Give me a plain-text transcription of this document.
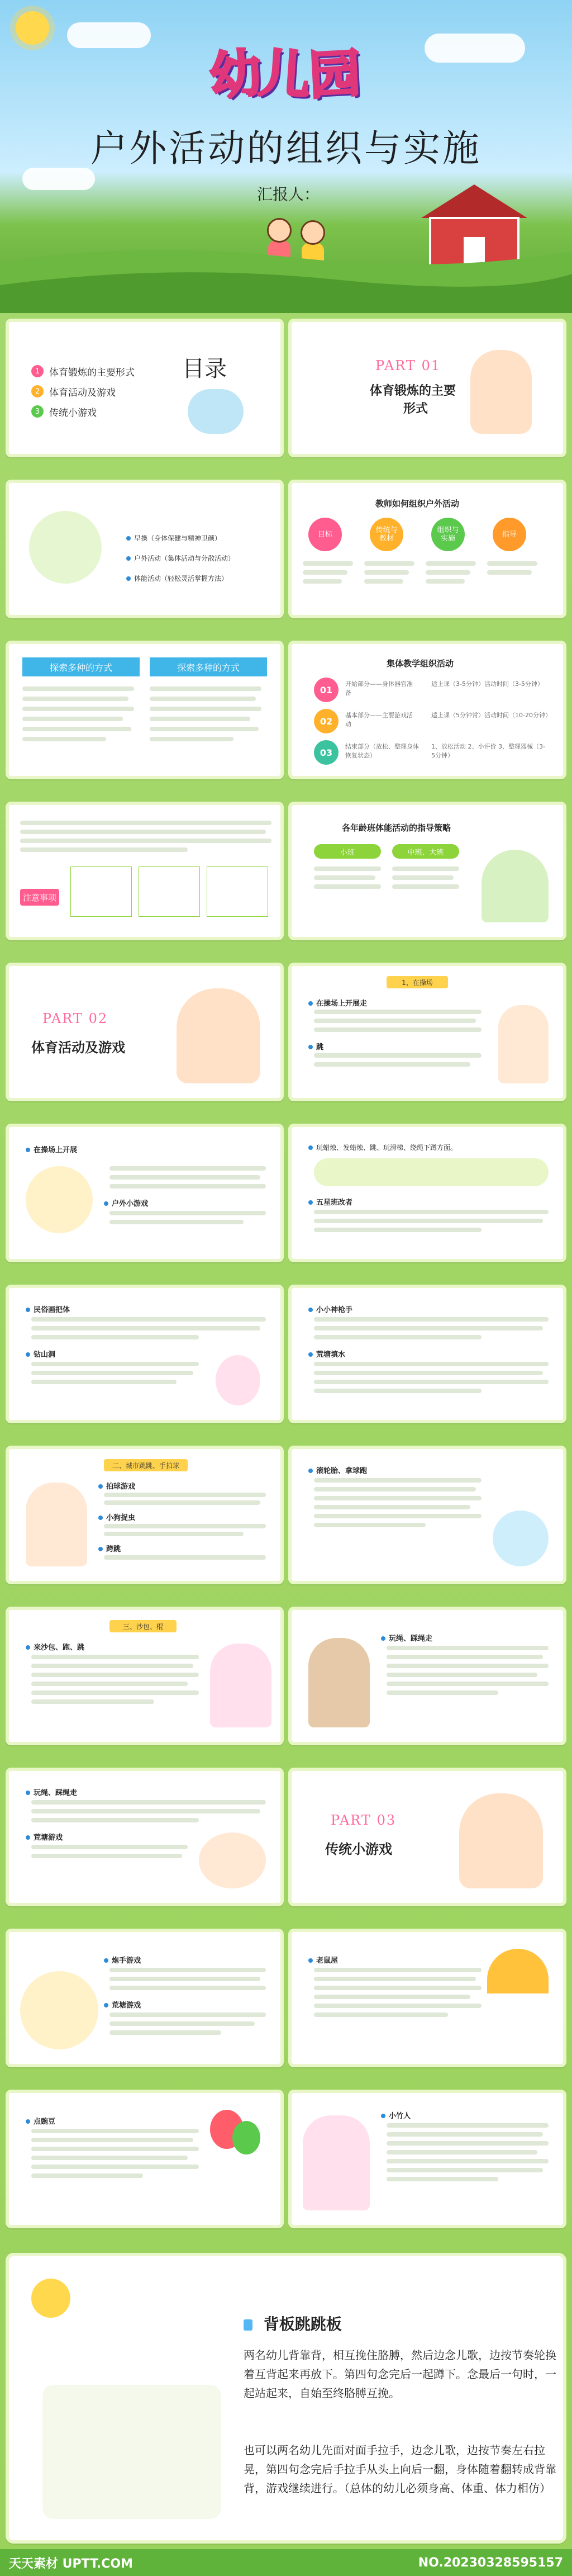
幼 儿 园
户外活动的组织与实施
汇报人：
目录
1 体育锻炼的主要形式
2 体育活动及游戏
3 传统小游戏
PART 01
体育锻炼的主要
形式
早操（身体保健与精神卫颜）
户外活动（集体活动与分散活动）
体能活动（轻松灵活掌握方法）
教师如何组织户外活动
目标	传统与
教材
组织与
实施	指导
探索多种的方式	探索多种的方式	集体教学组织活动
01
开始部分——身体器官准备
适上课（3-5分钟）活动时间（3-5分钟）
02
基本部分——主要游戏活动
适上课（5分钟常）活动时间（10-20分钟）
03
结束部分（放松、整理身体恢复状态）
1、放松活动 2、小评价 3、整理器械（3-5分钟）
注意事项
各年龄班体能活动的指导策略
小班	中班、大班
PART 02
体育活动及游戏
1、在操场
在操场上开展走
跳
在操场上开展
户外小游戏
玩蜡烛、发蜡烛、跳、玩滑梯、绕绳下蹲方面。
五星班改者
民俗画把体
钻山洞
小小神枪手
荒塘填水
二、城市跳跳、手拍球
拍球游戏
小狗捉虫
跨跳
滚轮胎、拿球跑
三、沙包、棍
来沙包、跑、跳
玩绳、踩绳走
玩绳、踩绳走
荒塘游戏
PART 03
传统小游戏
炮手游戏
荒塘游戏
老鼠屋
点豌豆
小竹人
背板跳跳板
两名幼儿背靠背，相互挽住胳膊，然后边念儿歌，边按节奏轮换着互背起来再放下。第四句念完后一起蹲下。念最后一句时，一起站起来，自始至终胳膊互挽。
也可以两名幼儿先面对面手拉手，边念儿歌，边按节奏左右拉晃，第四句念完后手拉手从头上向后一翻，身体随着翻转成背靠背，游戏继续进行。（总体的幼儿必须身高、体重、体力相仿）
天天素材 UPTT.COM	NO.20230328595157
